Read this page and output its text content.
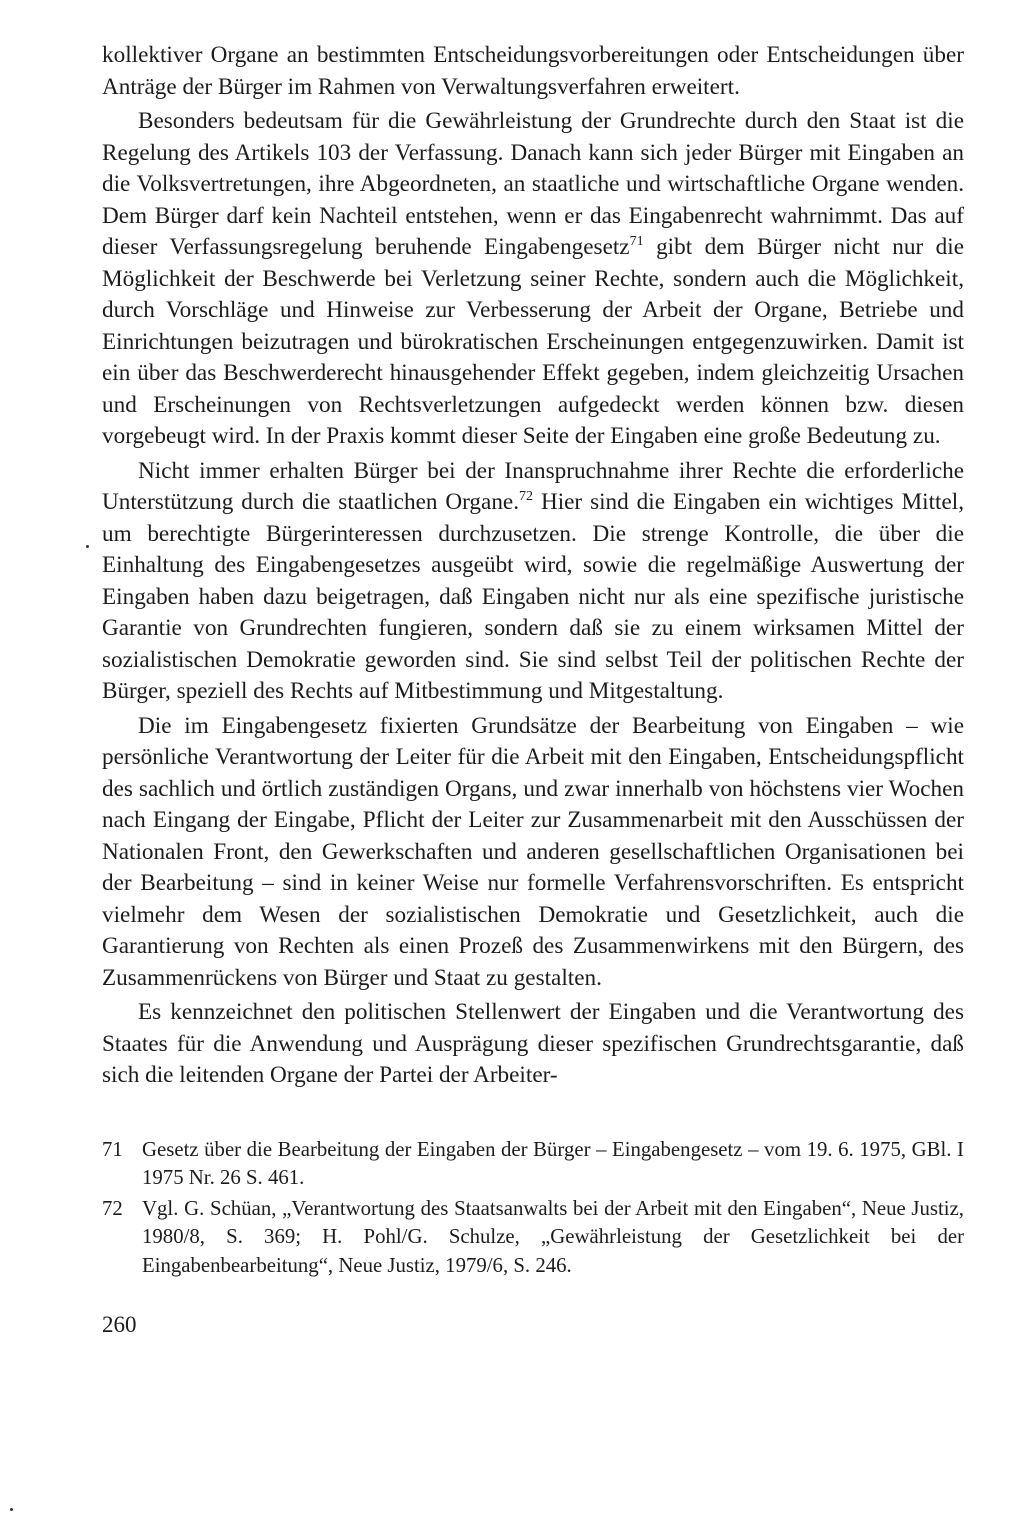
kollektiver Organe an bestimmten Entscheidungsvorbereitungen oder Entscheidungen über Anträge der Bürger im Rahmen von Verwaltungsverfahren erweitert.

Besonders bedeutsam für die Gewährleistung der Grundrechte durch den Staat ist die Regelung des Artikels 103 der Verfassung. Danach kann sich jeder Bürger mit Eingaben an die Volksvertretungen, ihre Abgeordneten, an staatliche und wirtschaftliche Organe wenden. Dem Bürger darf kein Nachteil entstehen, wenn er das Eingabenrecht wahrnimmt. Das auf dieser Verfassungsregelung beruhende Eingabengesetz$^{71}$ gibt dem Bürger nicht nur die Möglichkeit der Beschwerde bei Verletzung seiner Rechte, sondern auch die Möglichkeit, durch Vorschläge und Hinweise zur Verbesserung der Arbeit der Organe, Betriebe und Einrichtungen beizutragen und bürokratischen Erscheinungen entgegenzuwirken. Damit ist ein über das Beschwerderecht hinausgehender Effekt gegeben, indem gleichzeitig Ursachen und Erscheinungen von Rechtsverletzungen aufgedeckt werden können bzw. diesen vorgebeugt wird. In der Praxis kommt dieser Seite der Eingaben eine große Bedeutung zu.

Nicht immer erhalten Bürger bei der Inanspruchnahme ihrer Rechte die erforderliche Unterstützung durch die staatlichen Organe.$^{72}$ Hier sind die Eingaben ein wichtiges Mittel, um berechtigte Bürgerinteressen durchzusetzen. Die strenge Kontrolle, die über die Einhaltung des Eingabengesetzes ausgeübt wird, sowie die regelmäßige Auswertung der Eingaben haben dazu beigetragen, daß Eingaben nicht nur als eine spezifische juristische Garantie von Grundrechten fungieren, sondern daß sie zu einem wirksamen Mittel der sozialistischen Demokratie geworden sind. Sie sind selbst Teil der politischen Rechte der Bürger, speziell des Rechts auf Mitbestimmung und Mitgestaltung.

Die im Eingabengesetz fixierten Grundsätze der Bearbeitung von Eingaben – wie persönliche Verantwortung der Leiter für die Arbeit mit den Eingaben, Entscheidungspflicht des sachlich und örtlich zuständigen Organs, und zwar innerhalb von höchstens vier Wochen nach Eingang der Eingabe, Pflicht der Leiter zur Zusammenarbeit mit den Ausschüssen der Nationalen Front, den Gewerkschaften und anderen gesellschaftlichen Organisationen bei der Bearbeitung – sind in keiner Weise nur formelle Verfahrensvorschriften. Es entspricht vielmehr dem Wesen der sozialistischen Demokratie und Gesetzlichkeit, auch die Garantierung von Rechten als einen Prozeß des Zusammenwirkens mit den Bürgern, des Zusammenrückens von Bürger und Staat zu gestalten.

Es kennzeichnet den politischen Stellenwert der Eingaben und die Verantwortung des Staates für die Anwendung und Ausprägung dieser spezifischen Grundrechtsgarantie, daß sich die leitenden Organe der Partei der Arbeiter-

71 Gesetz über die Bearbeitung der Eingaben der Bürger – Eingabengesetz – vom 19. 6. 1975, GBl. I 1975 Nr. 26 S. 461.
72 Vgl. G. Schüan, „Verantwortung des Staatsanwalts bei der Arbeit mit den Eingaben“, Neue Justiz, 1980/8, S. 369; H. Pohl/G. Schulze, „Gewährleistung der Gesetzlichkeit bei der Eingabenbearbeitung“, Neue Justiz, 1979/6, S. 246.
260
